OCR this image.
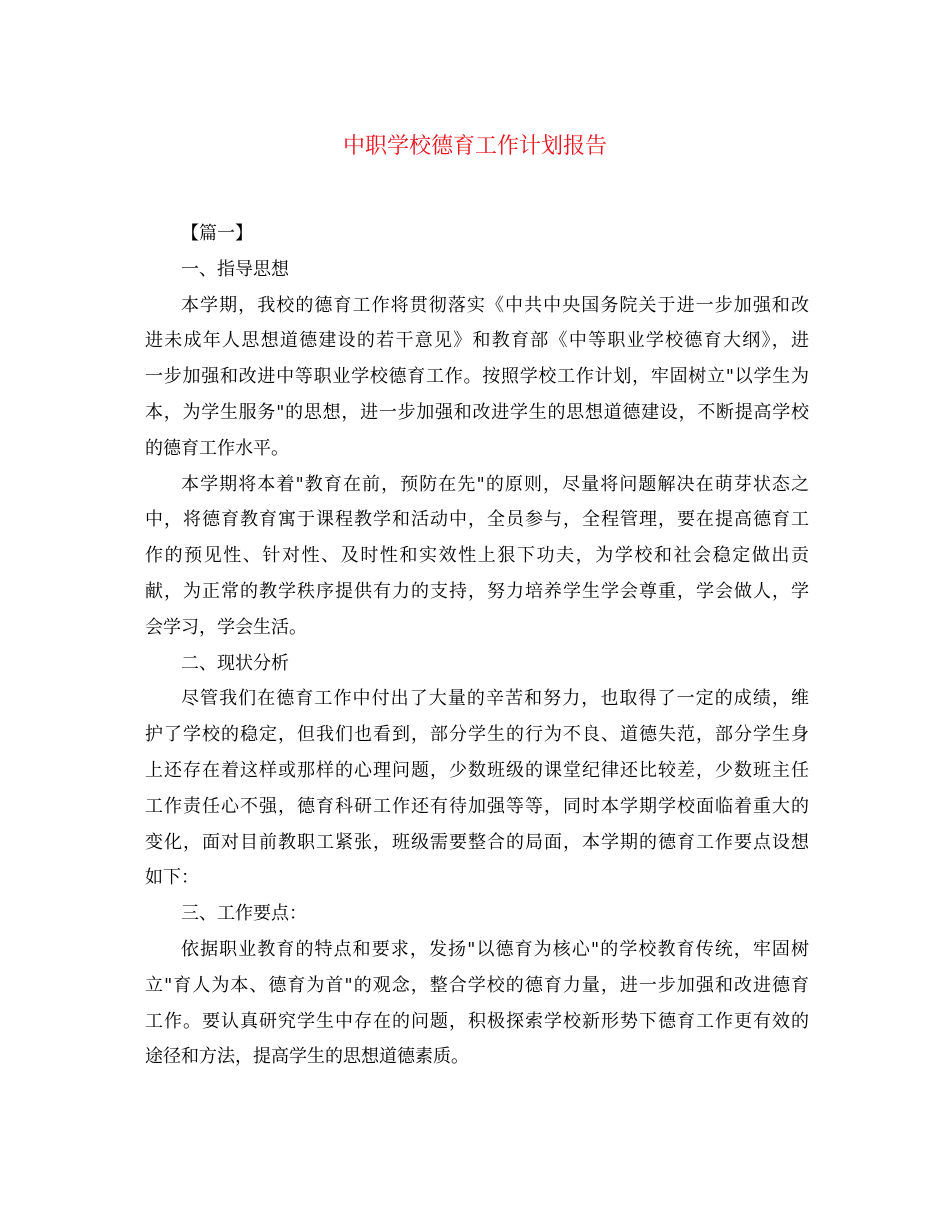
中职学校德育工作计划报告

【篇一】

一、指导思想

本学期，我校的德育工作将贯彻落实《中共中央国务院关于进一步加强和改

进未成年人思想道德建设的若干意见》和教育部《中等职业学校德育大纲》，进

一步加强和改进中等职业学校德育工作。按照学校工作计划，牢固树立"以学生为

本，为学生服务"的思想，进一步加强和改进学生的思想道德建设，不断提高学校

的德育工作水平。

本学期将本着"教育在前，预防在先"的原则，尽量将问题解决在萌芽状态之

中，将德育教育寓于课程教学和活动中，全员参与，全程管理，要在提高德育工

作的预见性、针对性、及时性和实效性上狠下功夫，为学校和社会稳定做出贡

献，为正常的教学秩序提供有力的支持，努力培养学生学会尊重，学会做人，学

会学习，学会生活。

二、现状分析

尽管我们在德育工作中付出了大量的辛苦和努力，也取得了一定的成绩，维

护了学校的稳定，但我们也看到，部分学生的行为不良、道德失范，部分学生身

上还存在着这样或那样的心理问题，少数班级的课堂纪律还比较差，少数班主任

工作责任心不强，德育科研工作还有待加强等等，同时本学期学校面临着重大的

变化，面对目前教职工紧张，班级需要整合的局面，本学期的德育工作要点设想

如下：

三、工作要点：

依据职业教育的特点和要求，发扬"以德育为核心"的学校教育传统，牢固树

立"育人为本、德育为首"的观念，整合学校的德育力量，进一步加强和改进德育

工作。要认真研究学生中存在的问题，积极探索学校新形势下德育工作更有效的

途径和方法，提高学生的思想道德素质。
